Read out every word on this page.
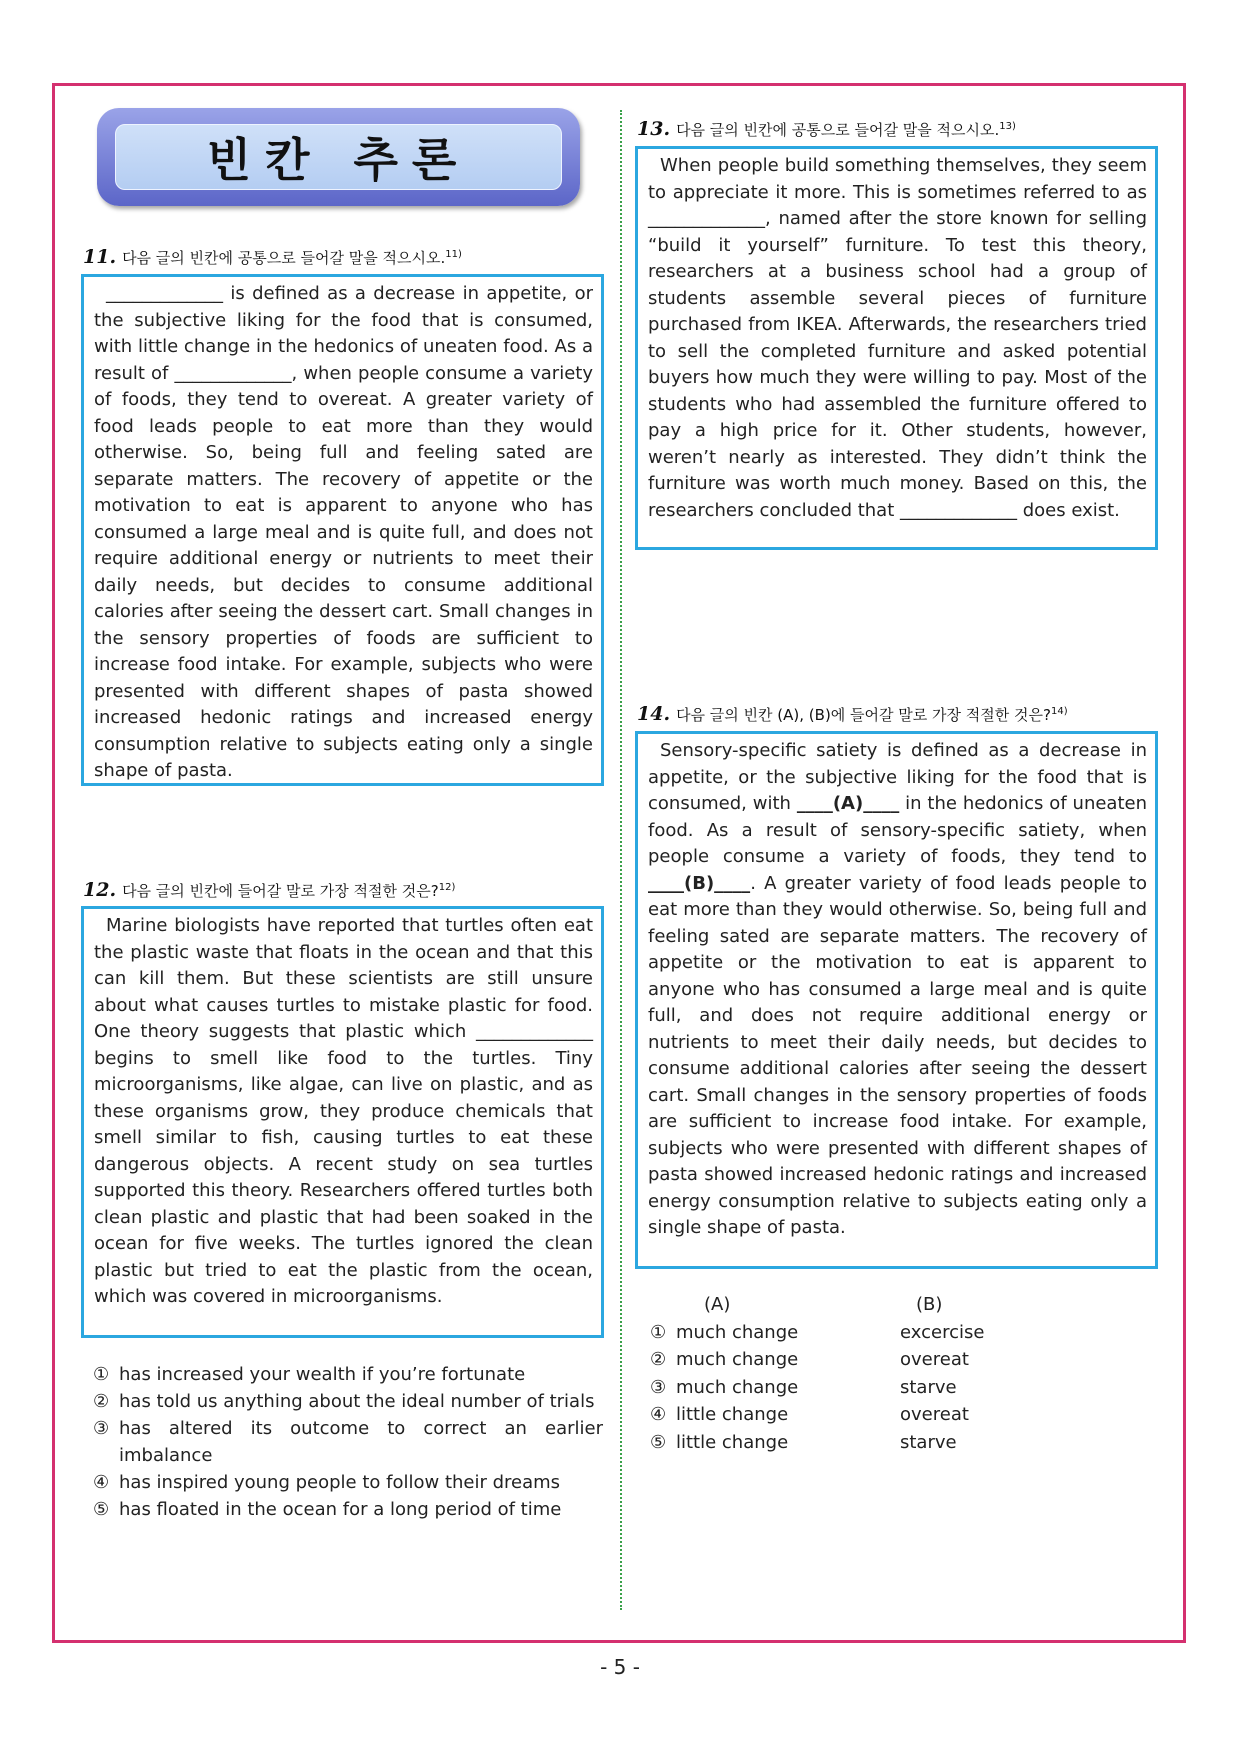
빈칸 추론
11. 다음 글의 빈칸에 공통으로 들어갈 말을 적으시오.$^{11)}$

_____________ is defined as a decrease in appetite, or the subjective liking for the food that is consumed, with little change in the hedonics of uneaten food. As a result of _____________, when people consume a variety of foods, they tend to overeat. A greater variety of food leads people to eat more than they would otherwise. So, being full and feeling sated are separate matters. The recovery of appetite or the motivation to eat is apparent to anyone who has consumed a large meal and is quite full, and does not require additional energy or nutrients to meet their daily needs, but decides to consume additional calories after seeing the dessert cart. Small changes in the sensory properties of foods are sufficient to increase food intake. For example, subjects who were presented with different shapes of pasta showed increased hedonic ratings and increased energy consumption relative to subjects eating only a single shape of pasta.

12. 다음 글의 빈칸에 들어갈 말로 가장 적절한 것은?$^{12)}$

Marine biologists have reported that turtles often eat the plastic waste that floats in the ocean and that this can kill them. But these scientists are still unsure about what causes turtles to mistake plastic for food. One theory suggests that plastic which _____________ begins to smell like food to the turtles. Tiny microorganisms, like algae, can live on plastic, and as these organisms grow, they produce chemicals that smell similar to fish, causing turtles to eat these dangerous objects. A recent study on sea turtles supported this theory. Researchers offered turtles both clean plastic and plastic that had been soaked in the ocean for five weeks. The turtles ignored the clean plastic but tried to eat the plastic from the ocean, which was covered in microorganisms.

① has increased your wealth if you’re fortunate
② has told us anything about the ideal number of trials
③ has altered its outcome to correct an earlier imbalance
④ has inspired young people to follow their dreams
⑤ has floated in the ocean for a long period of time
13. 다음 글의 빈칸에 공통으로 들어갈 말을 적으시오.$^{13)}$

When people build something themselves, they seem to appreciate it more. This is sometimes referred to as _____________, named after the store known for selling “build it yourself” furniture. To test this theory, researchers at a business school had a group of students assemble several pieces of furniture purchased from IKEA. Afterwards, the researchers tried to sell the completed furniture and asked potential buyers how much they were willing to pay. Most of the students who had assembled the furniture offered to pay a high price for it. Other students, however, weren’t nearly as interested. They didn’t think the furniture was worth much money. Based on this, the researchers concluded that _____________ does exist.

14. 다음 글의 빈칸 (A), (B)에 들어갈 말로 가장 적절한 것은?$^{14)}$

Sensory-specific satiety is defined as a decrease in appetite, or the subjective liking for the food that is consumed, with ____(A)____ in the hedonics of uneaten food. As a result of sensory-specific satiety, when people consume a variety of foods, they tend to ____(B)____. A greater variety of food leads people to eat more than they would otherwise. So, being full and feeling sated are separate matters. The recovery of appetite or the motivation to eat is apparent to anyone who has consumed a large meal and is quite full, and does not require additional energy or nutrients to meet their daily needs, but decides to consume additional calories after seeing the dessert cart. Small changes in the sensory properties of foods are sufficient to increase food intake. For example, subjects who were presented with different shapes of pasta showed increased hedonic ratings and increased energy consumption relative to subjects eating only a single shape of pasta.

(A)	(B)
① much change	excercise
② much change	overeat
③ much change	starve
④ little change	overeat
⑤ little change	starve
- 5 -
